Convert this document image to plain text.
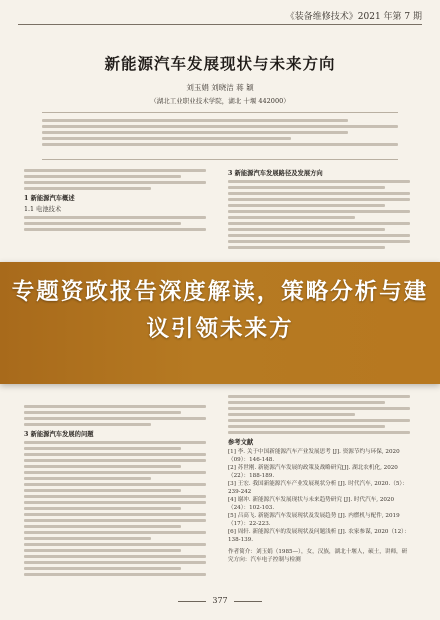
《装备维修技术》2021 年第 7 期
新能源汽车发展现状与未来方向
刘玉娟 刘晓洁 蒋 颖
（湖北工业职业技术学院，湖北 十堰 442000）
1 新能源汽车概述
1.1 电池技术
3 新能源汽车发展的问题
3 新能源汽车发展路径及发展方向
参考文献
[1] 李. 关于中国新能源汽车产业发展思考 [J]. 资源节约与环保, 2020（09）：146-148.
[2] 苏世刚. 新能源汽车发展的政策及战略研究[J]. 湖北农机化, 2020（22）：188-189.
[3] 王宏. 我国新能源汽车产业发展现状分析 [J]. 时代汽车, 2020.（5）：239-242
[4] 谢冲. 新能源汽车发展现状与未来趋势研究 [J]. 时代汽车, 2020（24）：102-103.
[5] 吕高飞. 新能源汽车发展现状及发展趋势 [J]. 内燃机与配件, 2019（17）：22-223.
[6] 周轩. 新能源汽车的发展现状及问题浅析 [J]. 农家参谋, 2020（12）：138-139.
作者简介：刘玉娟（1985—），女，汉族，湖北十堰人，硕士，讲师，研究方向：汽车电子控制与检测
专题资政报告深度解读，策略分析与建议引领未来方
377
